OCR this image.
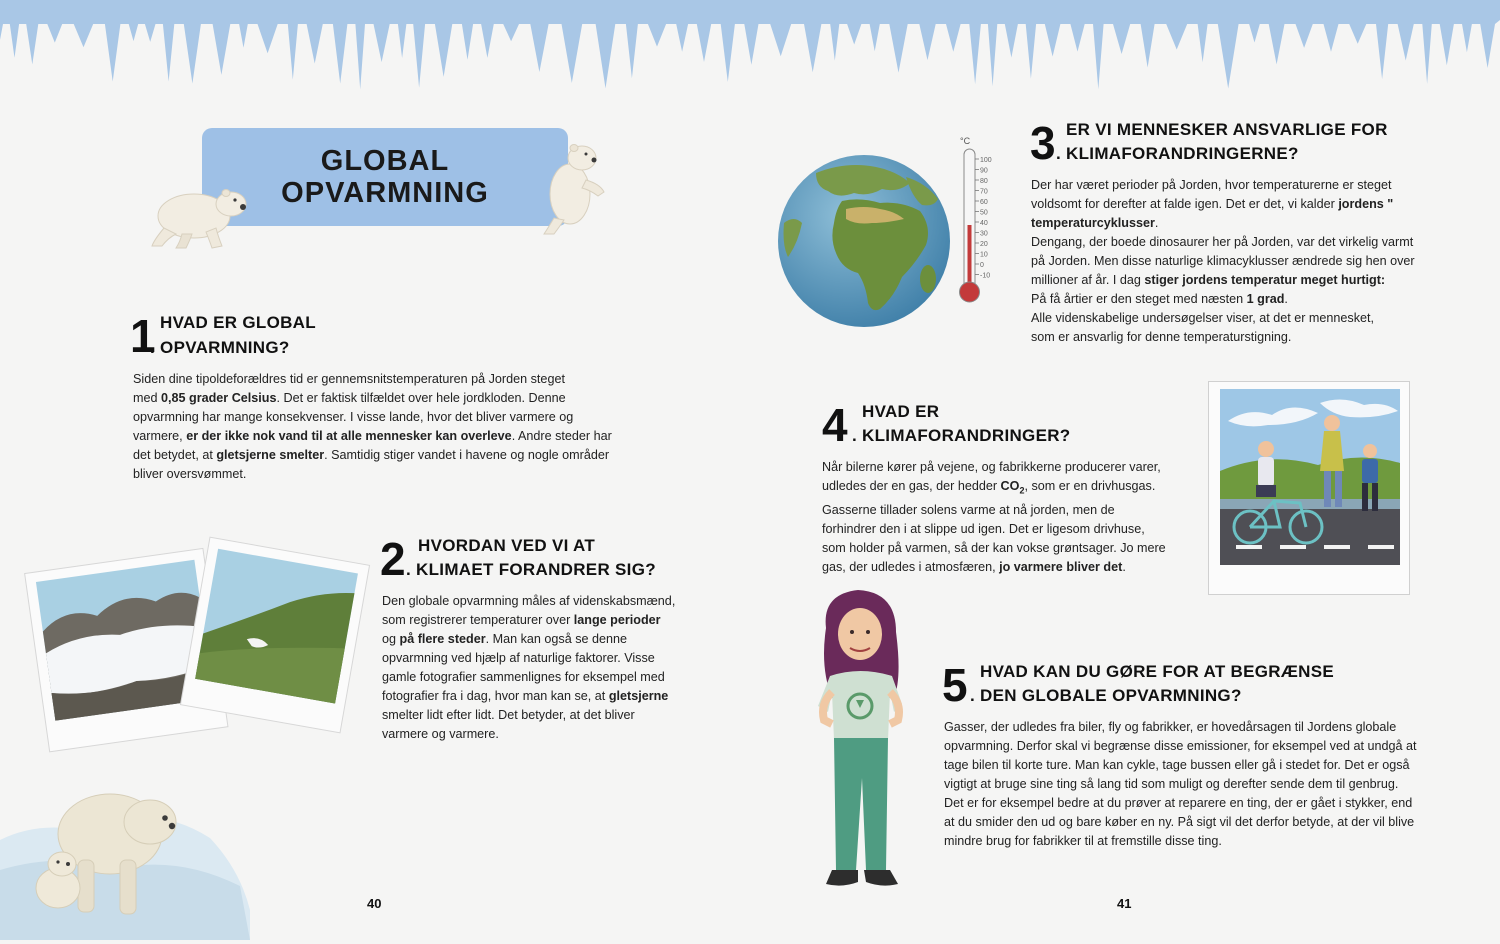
GLOBAL
OPVARMNING
°C
100
90
80
70
60
50
40
30
20
10
0
-10
1 HVAD ER GLOBAL
. OPVARMNING?
Siden dine tipoldeforældres tid er gennemsnitstemperaturen på Jorden steget
med 0,85 grader Celsius. Det er faktisk tilfældet over hele jordkloden. Denne
opvarmning har mange konsekvenser. I visse lande, hvor det bliver varmere og
varmere, er der ikke nok vand til at alle mennesker kan overleve. Andre steder har
det betydet, at gletsjerne smelter. Samtidig stiger vandet i havene og nogle områder
bliver oversvømmet.
2 HVORDAN VED VI AT
. KLIMAET FORANDRER SIG?
Den globale opvarmning måles af videnskabsmænd,
som registrerer temperaturer over lange perioder
og på flere steder. Man kan også se denne
opvarmning ved hjælp af naturlige faktorer. Visse
gamle fotografier sammenlignes for eksempel med
fotografier fra i dag, hvor man kan se, at gletsjerne
smelter lidt efter lidt. Det betyder, at det bliver
varmere og varmere.
3 ER VI MENNESKER ANSVARLIGE FOR
. KLIMAFORANDRINGERNE?
Der har været perioder på Jorden, hvor temperaturerne er steget
voldsomt for derefter at falde igen. Det er det, vi kalder jordens "
temperaturcyklusser.
Dengang, der boede dinosaurer her på Jorden, var det virkelig varmt
på Jorden. Men disse naturlige klimacyklusser ændrede sig hen over
millioner af år. I dag stiger jordens temperatur meget hurtigt:
På få årtier er den steget med næsten 1 grad.
Alle videnskabelige undersøgelser viser, at det er mennesket,
som er ansvarlig for denne temperaturstigning.
4 HVAD ER
. KLIMAFORANDRINGER?
Når bilerne kører på vejene, og fabrikkerne producerer varer,
udledes der en gas, der hedder $CO_2$, som er en drivhusgas.
Gasserne tillader solens varme at nå jorden, men de
forhindrer den i at slippe ud igen. Det er ligesom drivhuse,
som holder på varmen, så der kan vokse grøntsager. Jo mere
gas, der udledes i atmosfæren, jo varmere bliver det.
5 HVAD KAN DU GØRE FOR AT BEGRÆNSE
. DEN GLOBALE OPVARMNING?
Gasser, der udledes fra biler, fly og fabrikker, er hovedårsagen til Jordens globale
opvarmning. Derfor skal vi begrænse disse emissioner, for eksempel ved at undgå at
tage bilen til korte ture. Man kan cykle, tage bussen eller gå i stedet for. Det er også
vigtigt at bruge sine ting så lang tid som muligt og derefter sende dem til genbrug.
Det er for eksempel bedre at du prøver at reparere en ting, der er gået i stykker, end
at du smider den ud og bare køber en ny. På sigt vil det derfor betyde, at der vil blive
mindre brug for fabrikker til at fremstille disse ting.
40	41
